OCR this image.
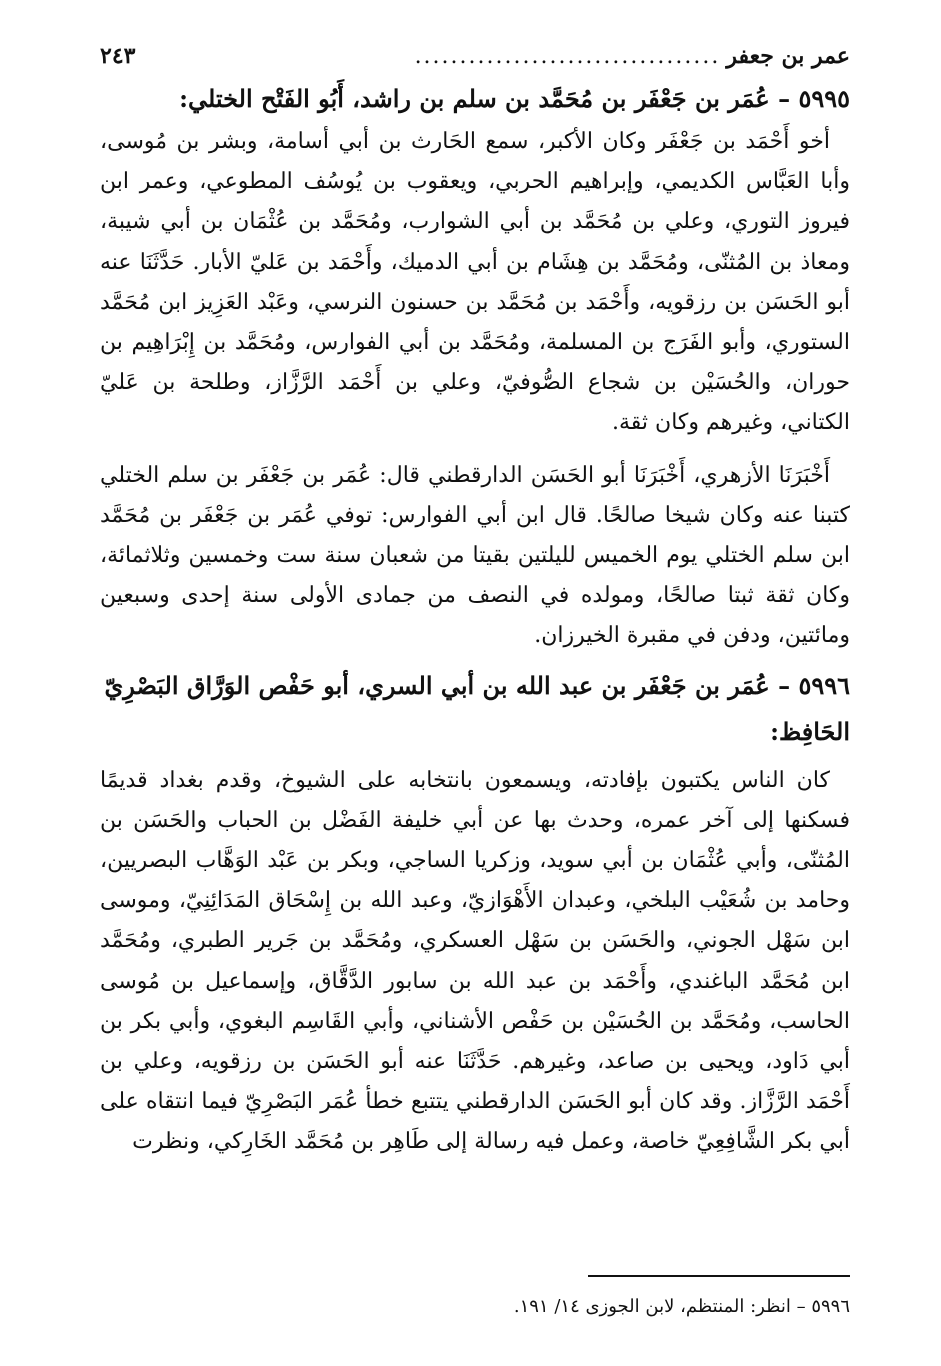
عمر بن جعفر
..................................
٢٤٣
٥٩٩٥ – عُمَر بن جَعْفَر بن مُحَمَّد بن سلم بن راشد، أَبُو الفَتْح الختلي:

أخو أَحْمَد بن جَعْفَر وكان الأكبر، سمع الحَارث بن أبي أسامة، وبشر بن مُوسى، وأبا العَبَّاس الكديمي، وإبراهيم الحربي، ويعقوب بن يُوسُف المطوعي، وعمر ابن فيروز التوري، وعلي بن مُحَمَّد بن أبي الشوارب، ومُحَمَّد بن عُثْمَان بن أبي شيبة، ومعاذ بن المُثنّى، ومُحَمَّد بن هِشَام بن أبي الدميك، وأَحْمَد بن عَليّ الأبار. حَدَّثَنَا عنه أبو الحَسَن بن رزقويه، وأَحْمَد بن مُحَمَّد بن حسنون النرسي، وعَبْد العَزِيز ابن مُحَمَّد الستوري، وأبو الفَرَج بن المسلمة، ومُحَمَّد بن أبي الفوارس، ومُحَمَّد بن إِبْرَاهِيم بن حوران، والحُسَيْن بن شجاع الصُّوفيّ، وعلي بن أَحْمَد الرَّزَّاز، وطلحة بن عَليّ الكتاني، وغيرهم وكان ثقة.

أَخْبَرَنَا الأزهري، أَخْبَرَنَا أبو الحَسَن الدارقطني قال: عُمَر بن جَعْفَر بن سلم الختلي كتبنا عنه وكان شيخا صالحًا. قال ابن أبي الفوارس: توفي عُمَر بن جَعْفَر بن مُحَمَّد ابن سلم الختلي يوم الخميس لليلتين بقيتا من شعبان سنة ست وخمسين وثلاثمائة، وكان ثقة ثبتا صالحًا، ومولده في النصف من جمادى الأولى سنة إحدى وسبعين ومائتين، ودفن في مقبرة الخيرزان.

٥٩٩٦ – عُمَر بن جَعْفَر بن عبد الله بن أبي السري، أبو حَفْص الوَرَّاق البَصْرِيّ الحَافِظ:

كان الناس يكتبون بإفادته، ويسمعون بانتخابه على الشيوخ، وقدم بغداد قديمًا فسكنها إلى آخر عمره، وحدث بها عن أبي خليفة الفَضْل بن الحباب والحَسَن بن المُثنّى، وأبي عُثْمَان بن أبي سويد، وزكريا الساجي، وبكر بن عَبْد الوَهَّاب البصريين، وحامد بن شُعَيْب البلخي، وعبدان الأَهْوَازيّ، وعبد الله بن إِسْحَاق المَدَائِنِيّ، وموسى ابن سَهْل الجوني، والحَسَن بن سَهْل العسكري، ومُحَمَّد بن جَرير الطبري، ومُحَمَّد ابن مُحَمَّد الباغندي، وأَحْمَد بن عبد الله بن سابور الدَّقَّاق، وإسماعيل بن مُوسى الحاسب، ومُحَمَّد بن الحُسَيْن بن حَفْص الأشناني، وأبي القَاسِم البغوي، وأبي بكر بن أبي دَاود، ويحيى بن صاعد، وغيرهم. حَدَّثَنَا عنه أبو الحَسَن بن رزقويه، وعلي بن أَحْمَد الرَّزَّاز. وقد كان أبو الحَسَن الدارقطني يتتبع خطأ عُمَر البَصْرِيّ فيما انتقاه على أبي بكر الشَّافِعِيّ خاصة، وعمل فيه رسالة إلى طَاهِر بن مُحَمَّد الخَارِكي، ونظرت

٥٩٩٦ – انظر: المنتظم، لابن الجوزى ١٤/ ١٩١.
